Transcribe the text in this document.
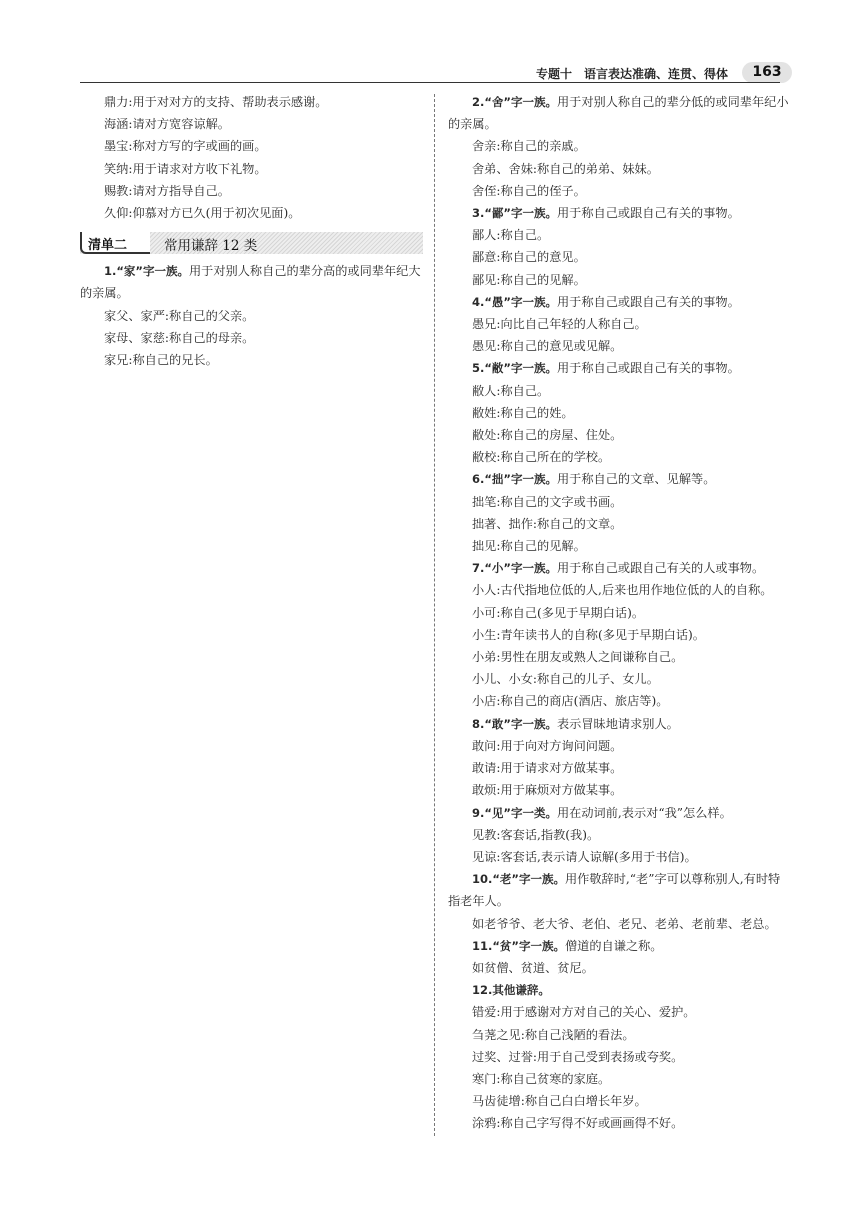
专题十　语言表达准确、连贯、得体	163
鼎力:用于对对方的支持、帮助表示感谢。
海涵:请对方宽容谅解。
墨宝:称对方写的字或画的画。
笑纳:用于请求对方收下礼物。
赐教:请对方指导自己。
久仰:仰慕对方已久(用于初次见面)。
清单二	常用谦辞 12 类
1.“家”字一族。用于对别人称自己的辈分高的或同辈年纪大的亲属。
家父、家严:称自己的父亲。
家母、家慈:称自己的母亲。
家兄:称自己的兄长。
2.“舍”字一族。用于对别人称自己的辈分低的或同辈年纪小的亲属。
舍亲:称自己的亲戚。
舍弟、舍妹:称自己的弟弟、妹妹。
舍侄:称自己的侄子。
3.“鄙”字一族。用于称自己或跟自己有关的事物。
鄙人:称自己。
鄙意:称自己的意见。
鄙见:称自己的见解。
4.“愚”字一族。用于称自己或跟自己有关的事物。
愚兄:向比自己年轻的人称自己。
愚见:称自己的意见或见解。
5.“敝”字一族。用于称自己或跟自己有关的事物。
敝人:称自己。
敝姓:称自己的姓。
敝处:称自己的房屋、住处。
敝校:称自己所在的学校。
6.“拙”字一族。用于称自己的文章、见解等。
拙笔:称自己的文字或书画。
拙著、拙作:称自己的文章。
拙见:称自己的见解。
7.“小”字一族。用于称自己或跟自己有关的人或事物。
小人:古代指地位低的人,后来也用作地位低的人的自称。
小可:称自己(多见于早期白话)。
小生:青年读书人的自称(多见于早期白话)。
小弟:男性在朋友或熟人之间谦称自己。
小儿、小女:称自己的儿子、女儿。
小店:称自己的商店(酒店、旅店等)。
8.“敢”字一族。表示冒昧地请求别人。
敢问:用于向对方询问问题。
敢请:用于请求对方做某事。
敢烦:用于麻烦对方做某事。
9.“见”字一类。用在动词前,表示对“我”怎么样。
见教:客套话,指教(我)。
见谅:客套话,表示请人谅解(多用于书信)。
10.“老”字一族。用作敬辞时,“老”字可以尊称别人,有时特指老年人。
如老爷爷、老大爷、老伯、老兄、老弟、老前辈、老总。
11.“贫”字一族。僧道的自谦之称。
如贫僧、贫道、贫尼。
12.其他谦辞。
错爱:用于感谢对方对自己的关心、爱护。
刍荛之见:称自己浅陋的看法。
过奖、过誉:用于自己受到表扬或夸奖。
寒门:称自己贫寒的家庭。
马齿徒增:称自己白白增长年岁。
涂鸦:称自己字写得不好或画画得不好。
